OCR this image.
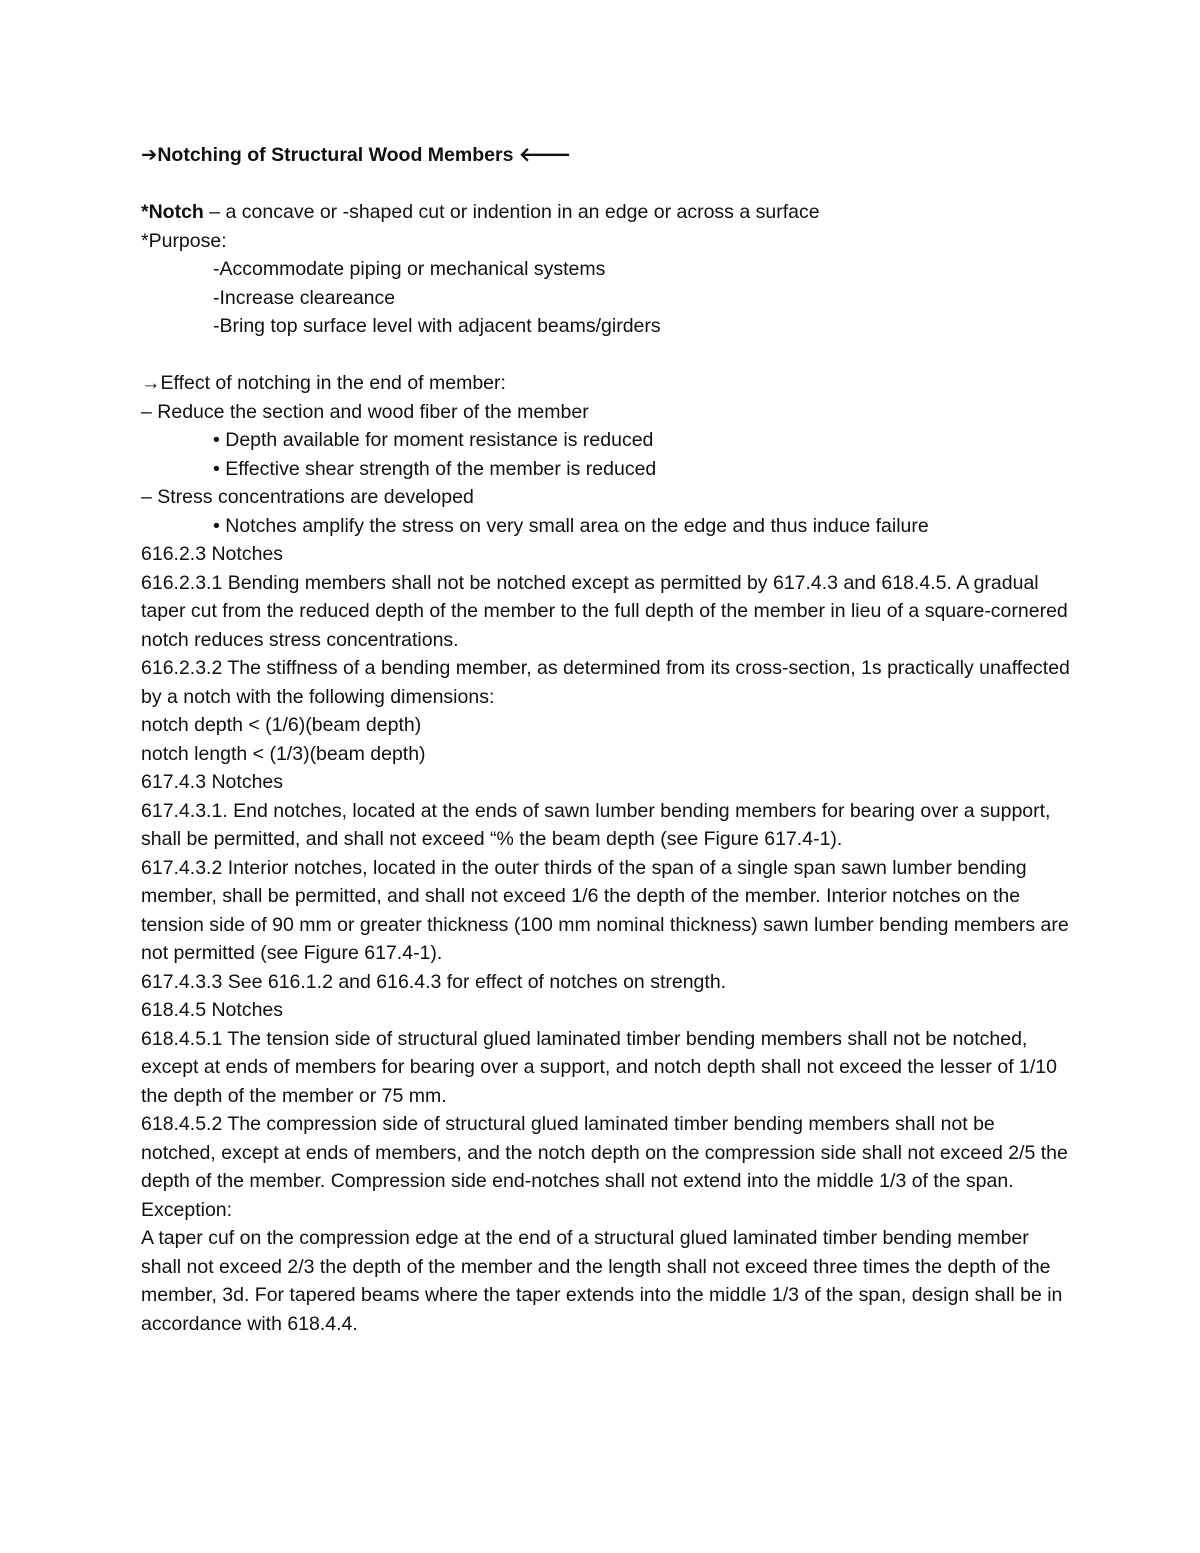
➔Notching of Structural Wood Members 🡐

*Notch – a concave or -shaped cut or indention in an edge or across a surface

*Purpose:

-Accommodate piping or mechanical systems

-Increase cleareance

-Bring top surface level with adjacent beams/girders

→Effect of notching in the end of member:

– Reduce the section and wood fiber of the member

• Depth available for moment resistance is reduced

• Effective shear strength of the member is reduced

– Stress concentrations are developed

• Notches amplify the stress on very small area on the edge and thus induce failure

616.2.3 Notches

616.2.3.1 Bending members shall not be notched except as permitted by 617.4.3 and 618.4.5. A gradual taper cut from the reduced depth of the member to the full depth of the member in lieu of a square-cornered notch reduces stress concentrations.

616.2.3.2 The stiffness of a bending member, as determined from its cross-section, 1s practically unaffected by a notch with the following dimensions:

notch depth < (1/6)(beam depth)

notch length < (1/3)(beam depth)

617.4.3 Notches

617.4.3.1. End notches, located at the ends of sawn lumber bending members for bearing over a support, shall be permitted, and shall not exceed “% the beam depth (see Figure 617.4-1).

617.4.3.2 Interior notches, located in the outer thirds of the span of a single span sawn lumber bending member, shall be permitted, and shall not exceed 1/6 the depth of the member. Interior notches on the tension side of 90 mm or greater thickness (100 mm nominal thickness) sawn lumber bending members are not permitted (see Figure 617.4-1).

617.4.3.3 See 616.1.2 and 616.4.3 for effect of notches on strength.

618.4.5 Notches

618.4.5.1 The tension side of structural glued laminated timber bending members shall not be notched, except at ends of members for bearing over a support, and notch depth shall not exceed the lesser of 1/10 the depth of the member or 75 mm.

618.4.5.2 The compression side of structural glued laminated timber bending members shall not be notched, except at ends of members, and the notch depth on the compression side shall not exceed 2/5 the depth of the member. Compression side end-notches shall not extend into the middle 1/3 of the span.

Exception:

A taper cuf on the compression edge at the end of a structural glued laminated timber bending member shall not exceed 2/3 the depth of the member and the length shall not exceed three times the depth of the member, 3d. For tapered beams where the taper extends into the middle 1/3 of the span, design shall be in accordance with 618.4.4.
